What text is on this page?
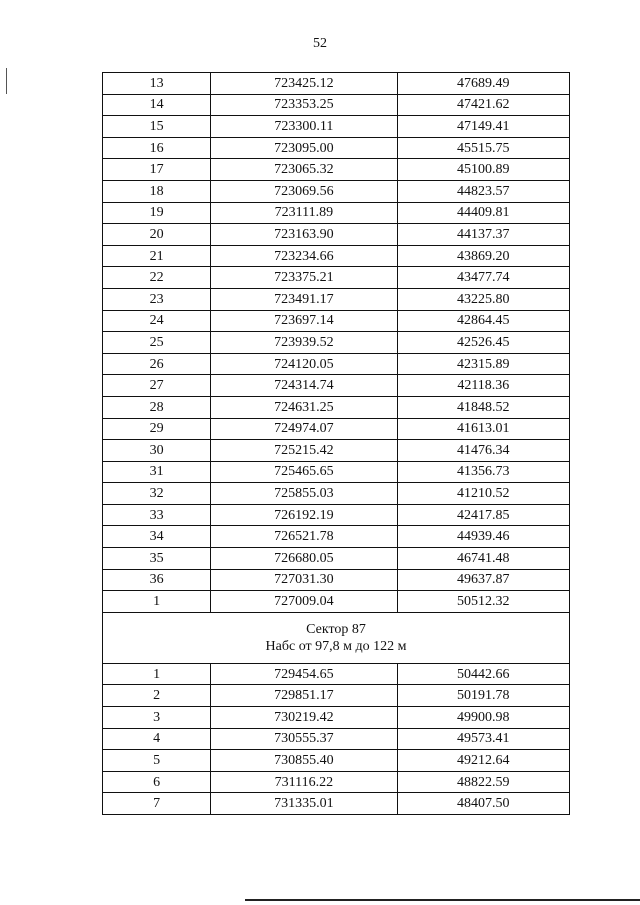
52
13	723425.12	47689.49
14	723353.25	47421.62
15	723300.11	47149.41
16	723095.00	45515.75
17	723065.32	45100.89
18	723069.56	44823.57
19	723111.89	44409.81
20	723163.90	44137.37
21	723234.66	43869.20
22	723375.21	43477.74
23	723491.17	43225.80
24	723697.14	42864.45
25	723939.52	42526.45
26	724120.05	42315.89
27	724314.74	42118.36
28	724631.25	41848.52
29	724974.07	41613.01
30	725215.42	41476.34
31	725465.65	41356.73
32	725855.03	41210.52
33	726192.19	42417.85
34	726521.78	44939.46
35	726680.05	46741.48
36	727031.30	49637.87
1	727009.04	50512.32

Сектор 87
Набс от 97,8 м до 122 м		

1	729454.65	50442.66
2	729851.17	50191.78
3	730219.42	49900.98
4	730555.37	49573.41
5	730855.40	49212.64
6	731116.22	48822.59
7	731335.01	48407.50
